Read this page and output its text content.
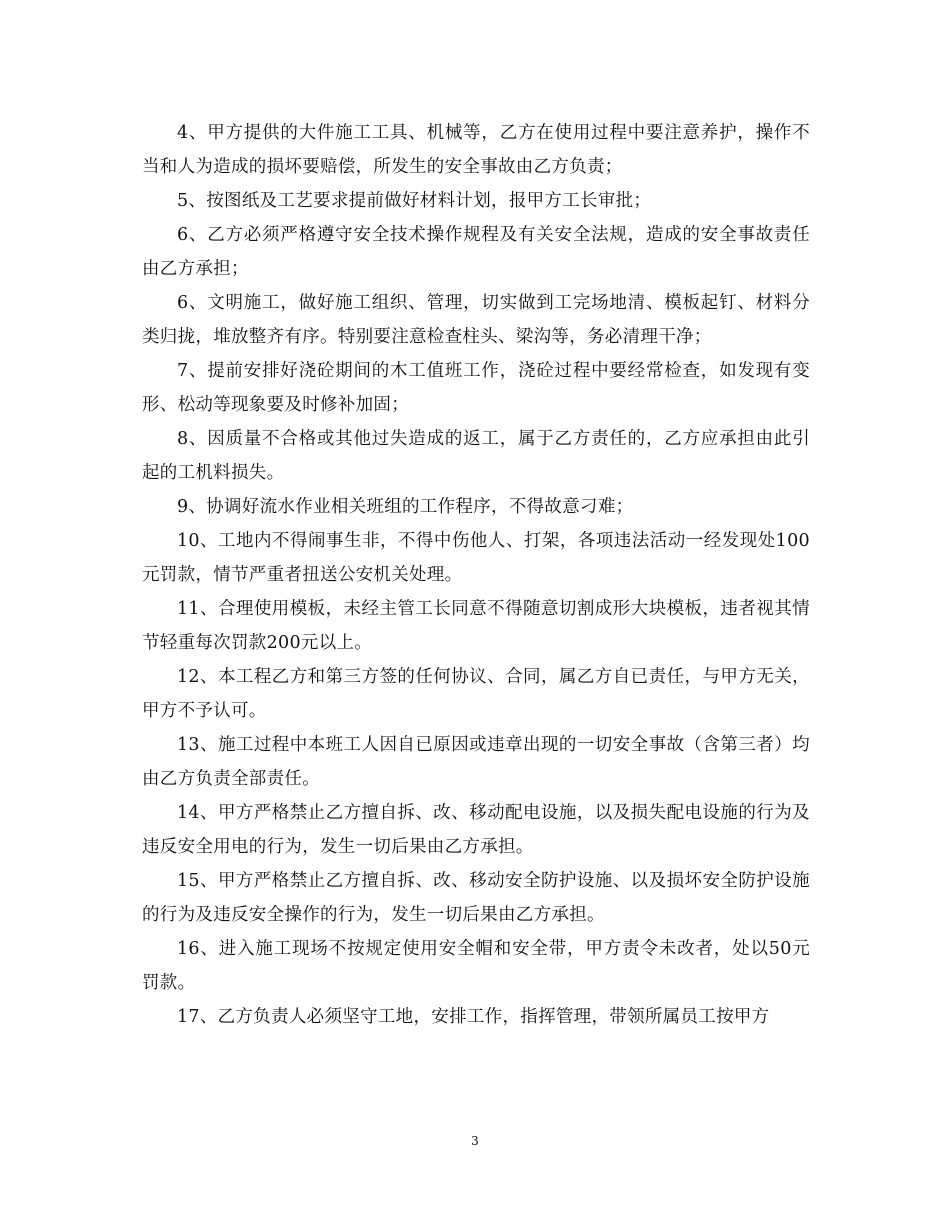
4、甲方提供的大件施工工具、机械等，乙方在使用过程中要注意养护，操作不当和人为造成的损坏要赔偿，所发生的安全事故由乙方负责；

5、按图纸及工艺要求提前做好材料计划，报甲方工长审批；

6、乙方必须严格遵守安全技术操作规程及有关安全法规，造成的安全事故责任由乙方承担；

6、文明施工，做好施工组织、管理，切实做到工完场地清、模板起钉、材料分类归拢，堆放整齐有序。特别要注意检查柱头、梁沟等，务必清理干净；

7、提前安排好浇砼期间的木工值班工作，浇砼过程中要经常检查，如发现有变形、松动等现象要及时修补加固；

8、因质量不合格或其他过失造成的返工，属于乙方责任的，乙方应承担由此引起的工机料损失。

9、协调好流水作业相关班组的工作程序，不得故意刁难；

10、工地内不得闹事生非，不得中伤他人、打架，各项违法活动一经发现处100元罚款，情节严重者扭送公安机关处理。

11、合理使用模板，未经主管工长同意不得随意切割成形大块模板，违者视其情节轻重每次罚款200元以上。

12、本工程乙方和第三方签的任何协议、合同，属乙方自已责任，与甲方无关，甲方不予认可。

13、施工过程中本班工人因自已原因或违章出现的一切安全事故（含第三者）均由乙方负责全部责任。

14、甲方严格禁止乙方擅自拆、改、移动配电设施，以及损失配电设施的行为及违反安全用电的行为，发生一切后果由乙方承担。

15、甲方严格禁止乙方擅自拆、改、移动安全防护设施、以及损坏安全防护设施的行为及违反安全操作的行为，发生一切后果由乙方承担。

16、进入施工现场不按规定使用安全帽和安全带，甲方责令未改者，处以50元罚款。

17、乙方负责人必须坚守工地，安排工作，指挥管理，带领所属员工按甲方

3
